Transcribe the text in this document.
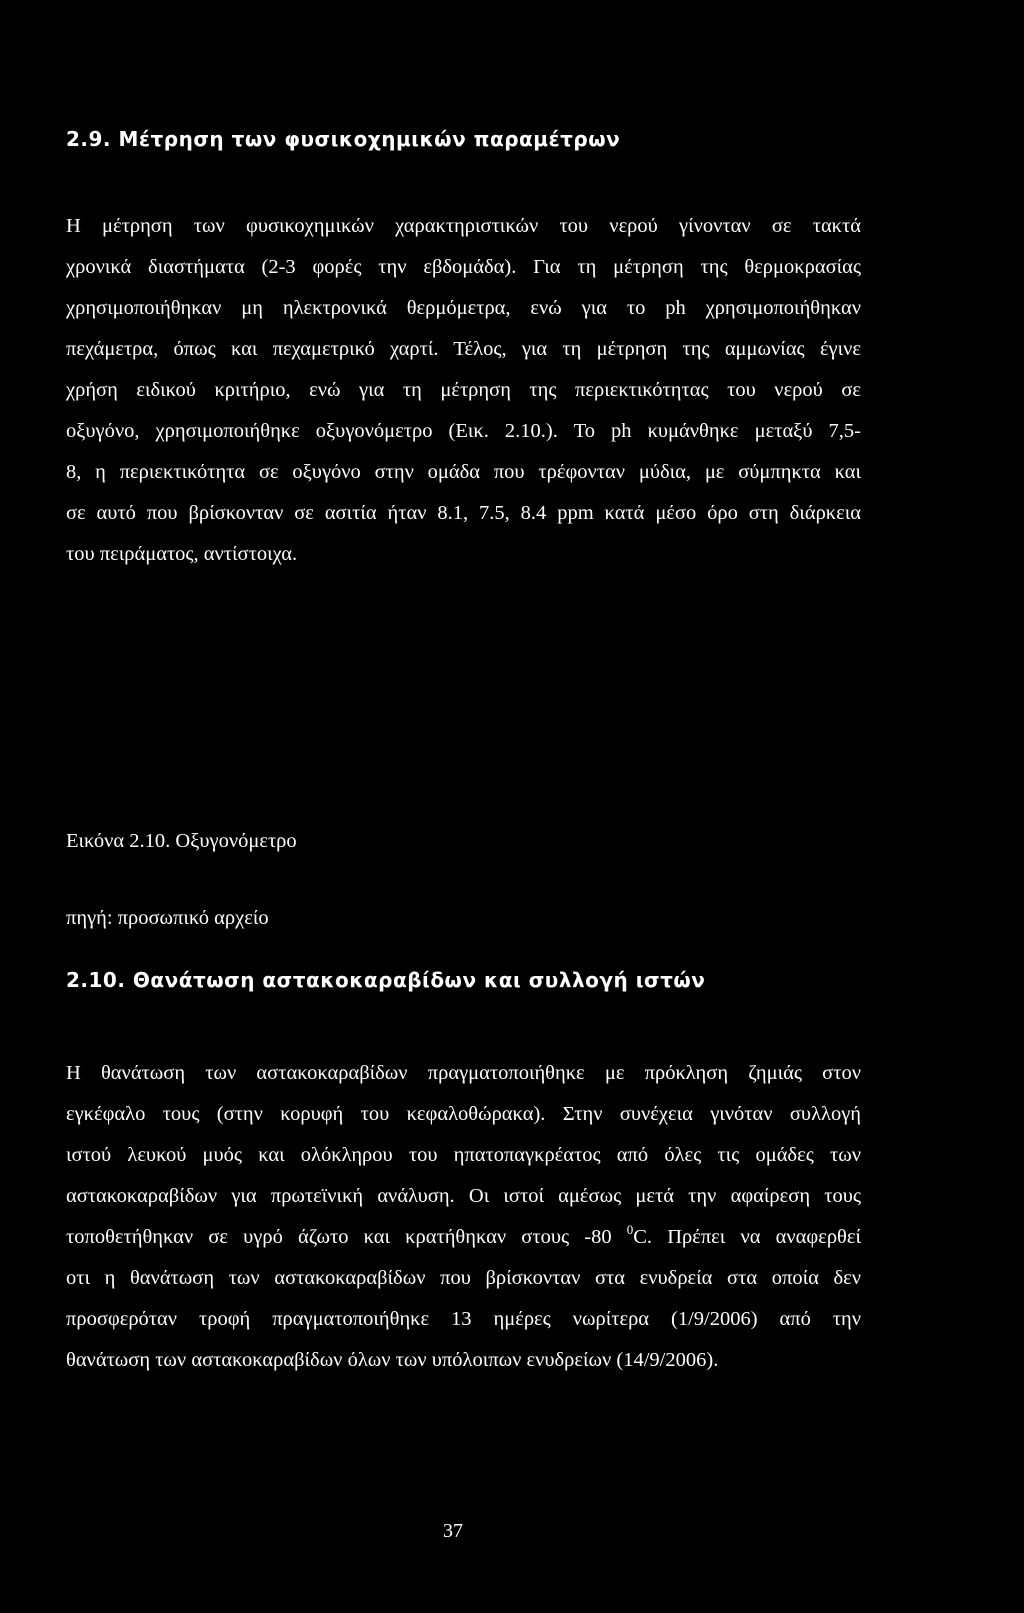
2.9. Μέτρηση των φυσικοχημικών παραμέτρων
Η μέτρηση των φυσικοχημικών χαρακτηριστικών του νερού γίνονταν σε τακτά
χρονικά διαστήματα (2-3 φορές την εβδομάδα). Για τη μέτρηση της θερμοκρασίας
χρησιμοποιήθηκαν μη ηλεκτρονικά θερμόμετρα, ενώ για το ph χρησιμοποιήθηκαν
πεχάμετρα, όπως και πεχαμετρικό χαρτί. Τέλος, για τη μέτρηση της αμμωνίας έγινε
χρήση ειδικού κριτήριο, ενώ για τη μέτρηση της περιεκτικότητας του νερού σε
οξυγόνο, χρησιμοποιήθηκε οξυγονόμετρο (Εικ. 2.10.). Το ph κυμάνθηκε μεταξύ 7,5-
8, η περιεκτικότητα σε οξυγόνο στην ομάδα που τρέφονταν μύδια, με σύμπηκτα και
σε αυτό που βρίσκονταν σε ασιτία ήταν 8.1, 7.5, 8.4 ppm κατά μέσο όρο στη διάρκεια
του πειράματος, αντίστοιχα.
Εικόνα 2.10. Οξυγονόμετρο
πηγή: προσωπικό αρχείο
2.10. Θανάτωση αστακοκαραβίδων και συλλογή ιστών
Η θανάτωση των αστακοκαραβίδων πραγματοποιήθηκε με πρόκληση ζημιάς στον
εγκέφαλο τους (στην κορυφή του κεφαλοθώρακα). Στην συνέχεια γινόταν συλλογή
ιστού λευκού μυός και ολόκληρου του ηπατοπαγκρέατος από όλες τις ομάδες των
αστακοκαραβίδων για πρωτεϊνική ανάλυση. Οι ιστοί αμέσως μετά την αφαίρεση τους
τοποθετήθηκαν σε υγρό άζωτο και κρατήθηκαν στους -80 $^0$C. Πρέπει να αναφερθεί
οτι η θανάτωση των αστακοκαραβίδων που βρίσκονταν στα ενυδρεία στα οποία δεν
προσφερόταν τροφή πραγματοποιήθηκε 13 ημέρες νωρίτερα (1/9/2006) από την
θανάτωση των αστακοκαραβίδων όλων των υπόλοιπων ενυδρείων (14/9/2006).
37
